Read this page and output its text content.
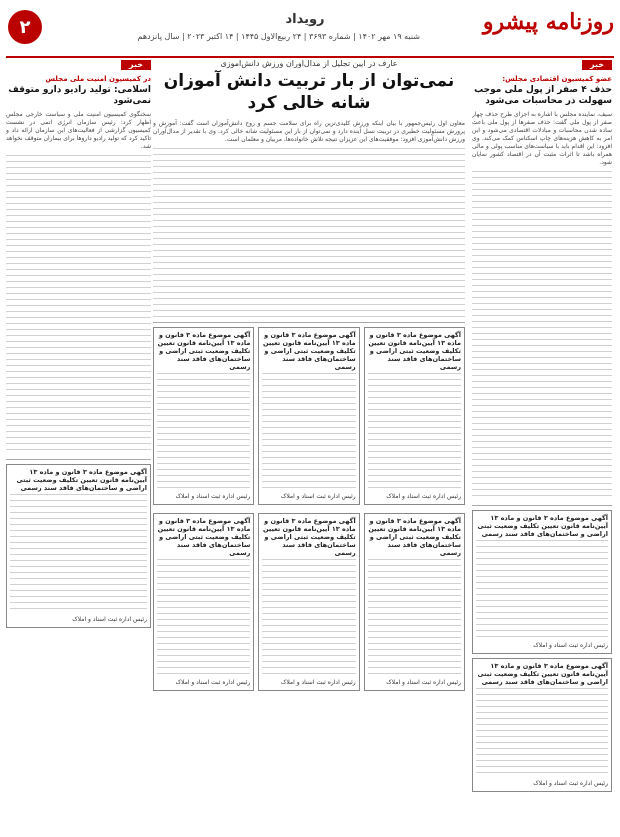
روزنامه پیشرو
شنبه ۱۹ مهر ۱۴۰۲ | شماره ۳۶۹۳ | ۲۴ ربیع‌الاول ۱۴۴۵ | ۱۴ اکتبر ۲۰۲۳ | سال پانزدهم
رویداد
۲
خبر
عضو کمیسیون اقتصادی مجلس:
حذف ۴ صفر از پول ملی موجب سهولت در محاسبات می‌شود
سیف، نماینده مجلس با اشاره به اجرای طرح حذف چهار صفر از پول ملی گفت: حذف صفرها از پول ملی باعث ساده شدن محاسبات و مبادلات اقتصادی می‌شود و این امر به کاهش هزینه‌های چاپ اسکناس کمک می‌کند. وی افزود: این اقدام باید با سیاست‌های مناسب پولی و مالی همراه باشد تا اثرات مثبت آن در اقتصاد کشور نمایان شود.
آگهی موضوع ماده ۳ قانون و ماده ۱۳ آیین‌نامه قانون تعیین تکلیف وضعیت ثبتی اراضی و ساختمان‌های فاقد سند رسمی
رئیس اداره ثبت اسناد و املاک
آگهی موضوع ماده ۳ قانون و ماده ۱۳ آیین‌نامه قانون تعیین تکلیف وضعیت ثبتی اراضی و ساختمان‌های فاقد سند رسمی
رئیس اداره ثبت اسناد و املاک
عارف در آیین تجلیل از مدال‌آوران ورزش دانش‌آموزی
نمی‌توان از بار تربیت دانش آموزان شانه خالی کرد
معاون اول رئیس‌جمهور با بیان اینکه ورزش کلیدی‌ترین راه برای سلامت جسم و روح دانش‌آموزان است گفت: آموزش و پرورش مسئولیت خطیری در تربیت نسل آینده دارد و نمی‌توان از بار این مسئولیت شانه خالی کرد. وی با تقدیر از مدال‌آوران ورزش دانش‌آموزی افزود: موفقیت‌های این عزیزان نتیجه تلاش خانواده‌ها، مربیان و معلمان است.
آگهی موضوع ماده ۳ قانون و ماده ۱۳ آیین‌نامه قانون تعیین تکلیف وضعیت ثبتی اراضی و ساختمان‌های فاقد سند رسمی
رئیس اداره ثبت اسناد و املاک
آگهی موضوع ماده ۳ قانون و ماده ۱۳ آیین‌نامه قانون تعیین تکلیف وضعیت ثبتی اراضی و ساختمان‌های فاقد سند رسمی
رئیس اداره ثبت اسناد و املاک
آگهی موضوع ماده ۳ قانون و ماده ۱۳ آیین‌نامه قانون تعیین تکلیف وضعیت ثبتی اراضی و ساختمان‌های فاقد سند رسمی
رئیس اداره ثبت اسناد و املاک
آگهی موضوع ماده ۳ قانون و ماده ۱۳ آیین‌نامه قانون تعیین تکلیف وضعیت ثبتی اراضی و ساختمان‌های فاقد سند رسمی
رئیس اداره ثبت اسناد و املاک
آگهی موضوع ماده ۳ قانون و ماده ۱۳ آیین‌نامه قانون تعیین تکلیف وضعیت ثبتی اراضی و ساختمان‌های فاقد سند رسمی
رئیس اداره ثبت اسناد و املاک
آگهی موضوع ماده ۳ قانون و ماده ۱۳ آیین‌نامه قانون تعیین تکلیف وضعیت ثبتی اراضی و ساختمان‌های فاقد سند رسمی
رئیس اداره ثبت اسناد و املاک
خبر
در کمیسیون امنیت ملی مجلس
اسلامی: تولید رادیو دارو متوقف نمی‌شود
سخنگوی کمیسیون امنیت ملی و سیاست خارجی مجلس اظهار کرد: رئیس سازمان انرژی اتمی در نشست کمیسیون گزارشی از فعالیت‌های این سازمان ارائه داد و تاکید کرد که تولید رادیو داروها برای بیماران متوقف نخواهد شد.
آگهی موضوع ماده ۳ قانون و ماده ۱۳ آیین‌نامه قانون تعیین تکلیف وضعیت ثبتی اراضی و ساختمان‌های فاقد سند رسمی
رئیس اداره ثبت اسناد و املاک
